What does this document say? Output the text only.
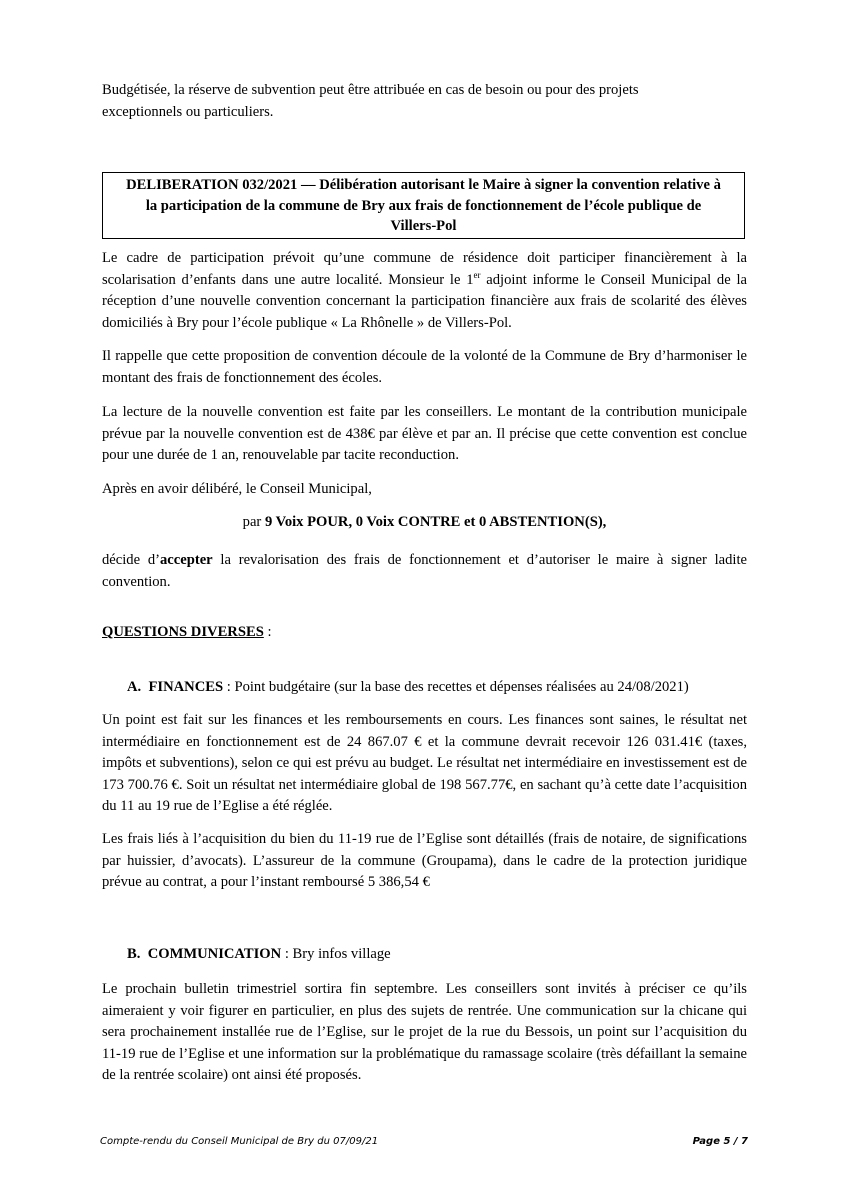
Budgétisée, la réserve de subvention peut être attribuée en cas de besoin ou pour des projets
exceptionnels ou particuliers.

DELIBERATION 032/2021 –– Délibération autorisant le Maire à signer la convention relative à
la participation de la commune de Bry aux frais de fonctionnement de l’école publique de
Villers-Pol

Le cadre de participation prévoit qu’une commune de résidence doit participer financièrement à la scolarisation d’enfants dans une autre localité. Monsieur le 1er adjoint informe le Conseil Municipal de la réception d’une nouvelle convention concernant la participation financière aux frais de scolarité des élèves domiciliés à Bry pour l’école publique « La Rhônelle » de Villers-Pol.

Il rappelle que cette proposition de convention découle de la volonté de la Commune de Bry d’harmoniser le montant des frais de fonctionnement des écoles.

La lecture de la nouvelle convention est faite par les conseillers. Le montant de la contribution municipale prévue par la nouvelle convention est de 438€ par élève et par an. Il précise que cette convention est conclue pour une durée de 1 an, renouvelable par tacite reconduction.

Après en avoir délibéré, le Conseil Municipal,

par 9 Voix POUR, 0 Voix CONTRE et 0 ABSTENTION(S),

décide d’accepter la revalorisation des frais de fonctionnement et d’autoriser le maire à signer ladite convention.

QUESTIONS DIVERSES :
A. FINANCES : Point budgétaire (sur la base des recettes et dépenses réalisées au 24/08/2021)

Un point est fait sur les finances et les remboursements en cours. Les finances sont saines, le résultat net intermédiaire en fonctionnement est de 24 867.07 € et la commune devrait recevoir 126 031.41€ (taxes, impôts et subventions), selon ce qui est prévu au budget. Le résultat net intermédiaire en investissement est de 173 700.76 €. Soit un résultat net intermédiaire global de 198 567.77€, en sachant qu’à cette date l’acquisition du 11 au 19 rue de l’Eglise a été réglée.

Les frais liés à l’acquisition du bien du 11-19 rue de l’Eglise sont détaillés (frais de notaire, de significations par huissier, d’avocats). L’assureur de la commune (Groupama), dans le cadre de la protection juridique prévue au contrat, a pour l’instant remboursé 5 386,54 €

B. COMMUNICATION : Bry infos village

Le prochain bulletin trimestriel sortira fin septembre. Les conseillers sont invités à préciser ce qu’ils aimeraient y voir figurer en particulier, en plus des sujets de rentrée. Une communication sur la chicane qui sera prochainement installée rue de l’Eglise, sur le projet de la rue du Bessois, un point sur l’acquisition du 11-19 rue de l’Eglise et une information sur la problématique du ramassage scolaire (très défaillant la semaine de la rentrée scolaire) ont ainsi été proposés.

Compte-rendu du Conseil Municipal de Bry du 07/09/21	Page 5 / 7
